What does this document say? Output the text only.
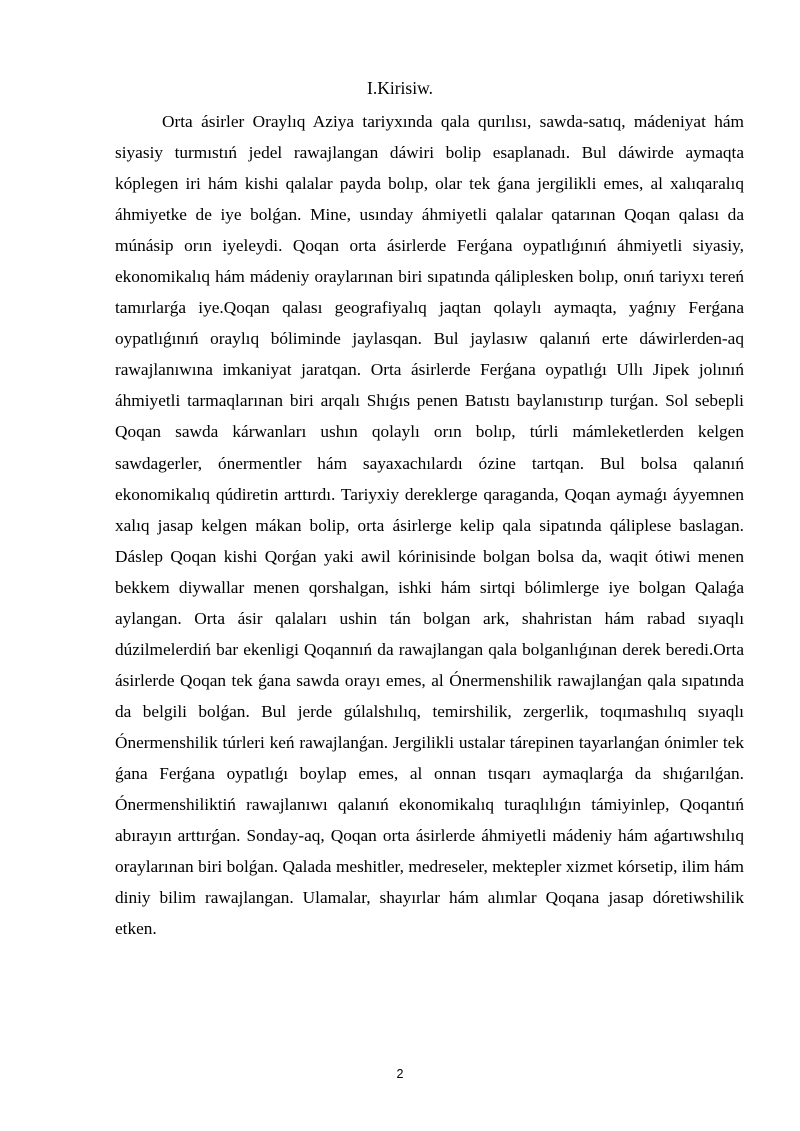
I.Kirisiw.

Orta ásirler Oraylıq Aziya tariyxında qala qurılısı, sawda-satıq, mádeniyat hám siyasiy turmıstıń jedel rawajlangan dáwiri bolip esaplanadı. Bul dáwirde aymaqta kóplegen iri hám kishi qalalar payda bolıp, olar tek ǵana jergilikli emes, al xalıqaralıq áhmiyetke de iye bolǵan. Mine, usınday áhmiyetli qalalar qatarınan Qoqan qalası da múnásip orın iyeleydi. Qoqan orta ásirlerde Ferǵana oypatlıǵınıń áhmiyetli siyasiy, ekonomikalıq hám mádeniy oraylarınan biri sıpatında qáliplesken bolıp, onıń tariyxı tereń tamırlarǵa iye.Qoqan qalası geografiyalıq jaqtan qolaylı aymaqta, yaǵnıy Ferǵana oypatlıǵınıń oraylıq bóliminde jaylasqan. Bul jaylasıw qalanıń erte dáwirlerden-aq rawajlanıwına imkaniyat jaratqan. Orta ásirlerde Ferǵana oypatlıǵı Ullı Jipek jolınıń áhmiyetli tarmaqlarınan biri arqalı Shıǵıs penen Batıstı baylanıstırıp turǵan. Sol sebepli Qoqan sawda kárwanları ushın qolaylı orın bolıp, túrli mámleketlerden kelgen sawdagerler, ónermentler hám sayaxachılardı ózine tartqan. Bul bolsa qalanıń ekonomikalıq qúdiretin arttırdı. Tariyxiy dereklerge qaraganda, Qoqan aymaǵı áyyemnen xalıq jasap kelgen mákan bolip, orta ásirlerge kelip qala sipatında qáliplese baslagan. Dáslep Qoqan kishi Qorǵan yaki awil kórinisinde bolgan bolsa da, waqit ótiwi menen bekkem diywallar menen qorshalgan, ishki hám sirtqi bólimlerge iye bolgan Qalaǵa aylangan. Orta ásir qalaları ushin tán bolgan ark, shahristan hám rabad sıyaqlı dúzilmelerdiń bar ekenligi Qoqannıń da rawajlangan qala bolganlıǵınan derek beredi.Orta ásirlerde Qoqan tek ǵana sawda orayı emes, al Ónermenshilik rawajlanǵan qala sıpatında da belgili bolǵan. Bul jerde gúlalshılıq, temirshilik, zergerlik, toqımashılıq sıyaqlı Ónermenshilik túrleri keń rawajlanǵan. Jergilikli ustalar tárepinen tayarlanǵan ónimler tek ǵana Ferǵana oypatlıǵı boylap emes, al onnan tısqarı aymaqlarǵa da shıǵarılǵan. Ónermenshiliktiń rawajlanıwı qalanıń ekonomikalıq turaqlılıǵın támiyinlep, Qoqantıń abırayın arttırǵan. Sonday-aq, Qoqan orta ásirlerde áhmiyetli mádeniy hám aǵartıwshılıq oraylarınan biri bolǵan. Qalada meshitler, medreseler, mektepler xizmet kórsetip, ilim hám diniy bilim rawajlangan. Ulamalar, shayırlar hám alımlar Qoqana jasap dóretiwshilik etken.

2
